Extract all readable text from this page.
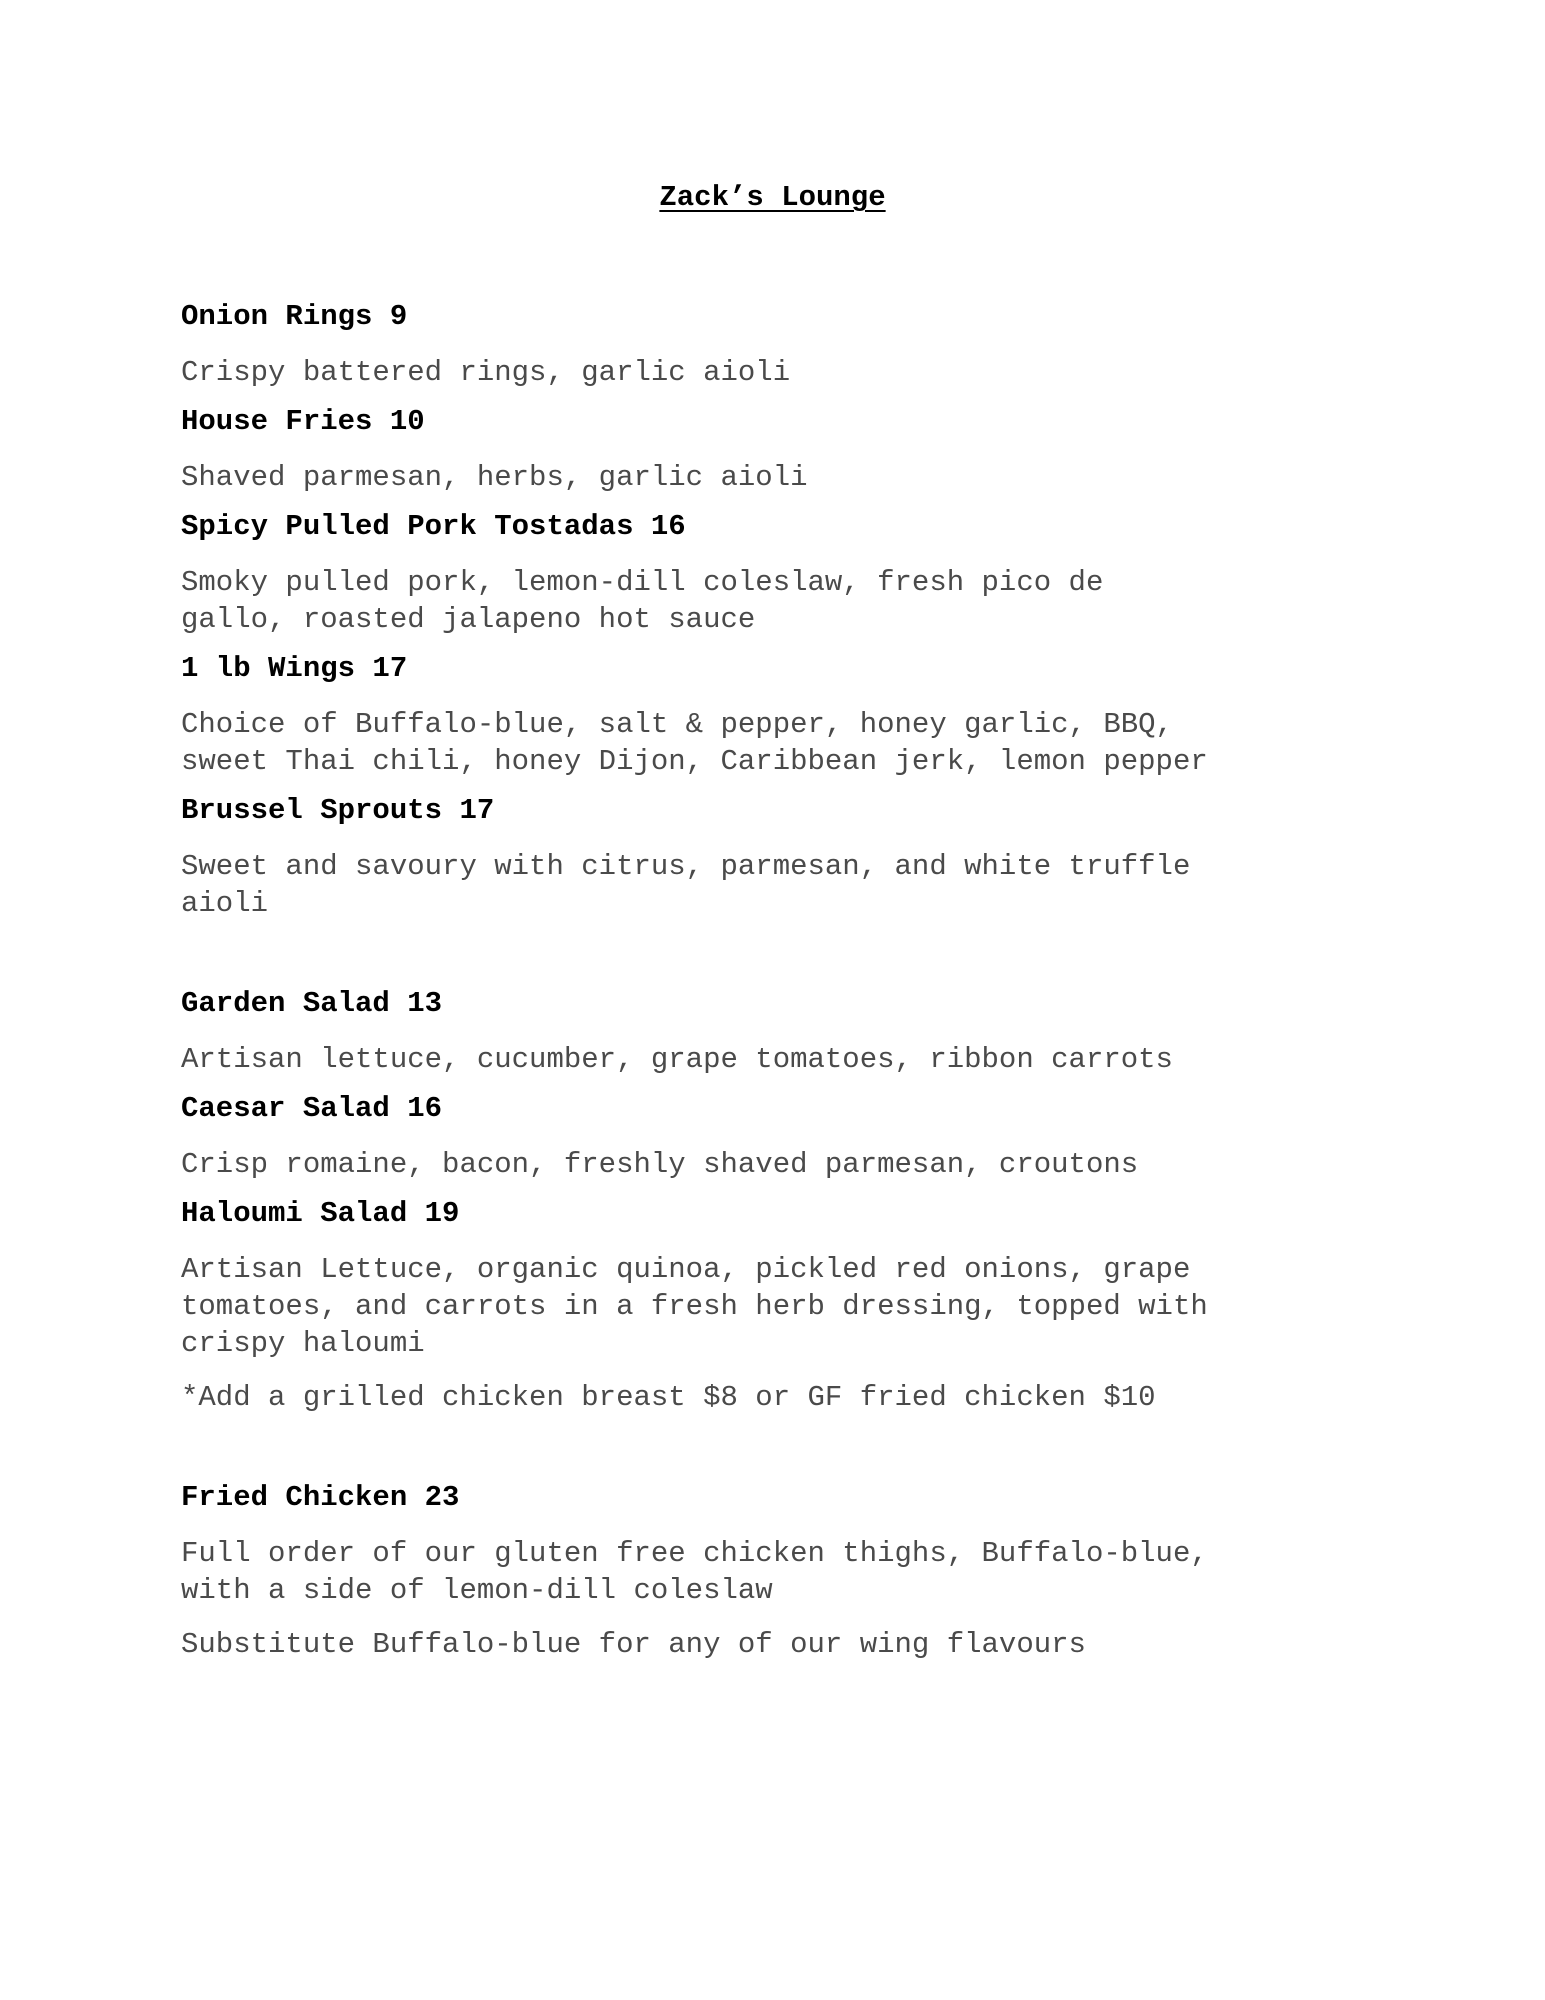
Zack’s Lounge

Onion Rings 9

Crispy battered rings, garlic aioli

House Fries 10

Shaved parmesan, herbs, garlic aioli

Spicy Pulled Pork Tostadas 16

Smoky pulled pork, lemon-dill coleslaw, fresh pico de
gallo, roasted jalapeno hot sauce

1 lb Wings 17

Choice of Buffalo-blue, salt & pepper, honey garlic, BBQ,
sweet Thai chili, honey Dijon, Caribbean jerk, lemon pepper

Brussel Sprouts 17

Sweet and savoury with citrus, parmesan, and white truffle
aioli

Garden Salad 13

Artisan lettuce, cucumber, grape tomatoes, ribbon carrots

Caesar Salad 16

Crisp romaine, bacon, freshly shaved parmesan, croutons

Haloumi Salad 19

Artisan Lettuce, organic quinoa, pickled red onions, grape
tomatoes, and carrots in a fresh herb dressing, topped with
crispy haloumi

*Add a grilled chicken breast $8 or GF fried chicken $10

Fried Chicken 23

Full order of our gluten free chicken thighs, Buffalo-blue,
with a side of lemon-dill coleslaw

Substitute Buffalo-blue for any of our wing flavours
